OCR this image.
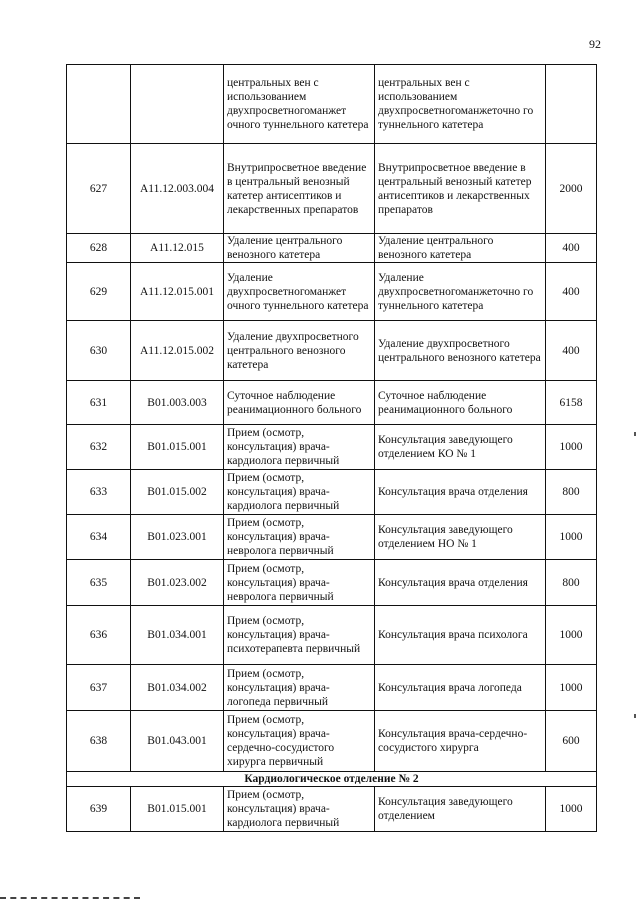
92
		центральных вен с использованием двухпросветногоманжет очного туннельного катетера	центральных вен с использованием двухпросветногоманжеточно го туннельного катетера	
627	А11.12.003.004	Внутрипросветное введение в центральный венозный катетер антисептиков и лекарственных препаратов	Внутрипросветное введение в центральный венозный катетер антисептиков и лекарственных препаратов	2000
628	А11.12.015	Удаление центрального венозного катетера	Удаление центрального венозного катетера	400
629	А11.12.015.001	Удаление двухпросветногоманжет очного туннельного катетера	Удаление двухпросветногоманжеточно го туннельного катетера	400
630	А11.12.015.002	Удаление двухпросветного центрального венозного катетера	Удаление двухпросветного центрального венозного катетера	400
631	В01.003.003	Суточное наблюдение реанимационного больного	Суточное наблюдение реанимационного больного	6158
632	В01.015.001	Прием (осмотр, консультация) врача-кардиолога первичный	Консультация заведующего отделением КО № 1	1000
633	В01.015.002	Прием (осмотр, консультация) врача-кардиолога первичный	Консультация врача отделения	800
634	В01.023.001	Прием (осмотр, консультация) врача-невролога первичный	Консультация заведующего отделением НО № 1	1000
635	В01.023.002	Прием (осмотр, консультация) врача-невролога первичный	Консультация врача отделения	800
636	В01.034.001	Прием (осмотр, консультация) врача-психотерапевта первичный	Консультация врача психолога	1000
637	В01.034.002	Прием (осмотр, консультация) врача-логопеда первичный	Консультация врача логопеда	1000
638	В01.043.001	Прием (осмотр, консультация) врача-сердечно-сосудистого хирурга первичный	Консультация врача-сердечно-сосудистого хирурга	600
Кардиологическое отделение № 2				
639	В01.015.001	Прием (осмотр, консультация) врача-кардиолога первичный	Консультация заведующего отделением	1000
